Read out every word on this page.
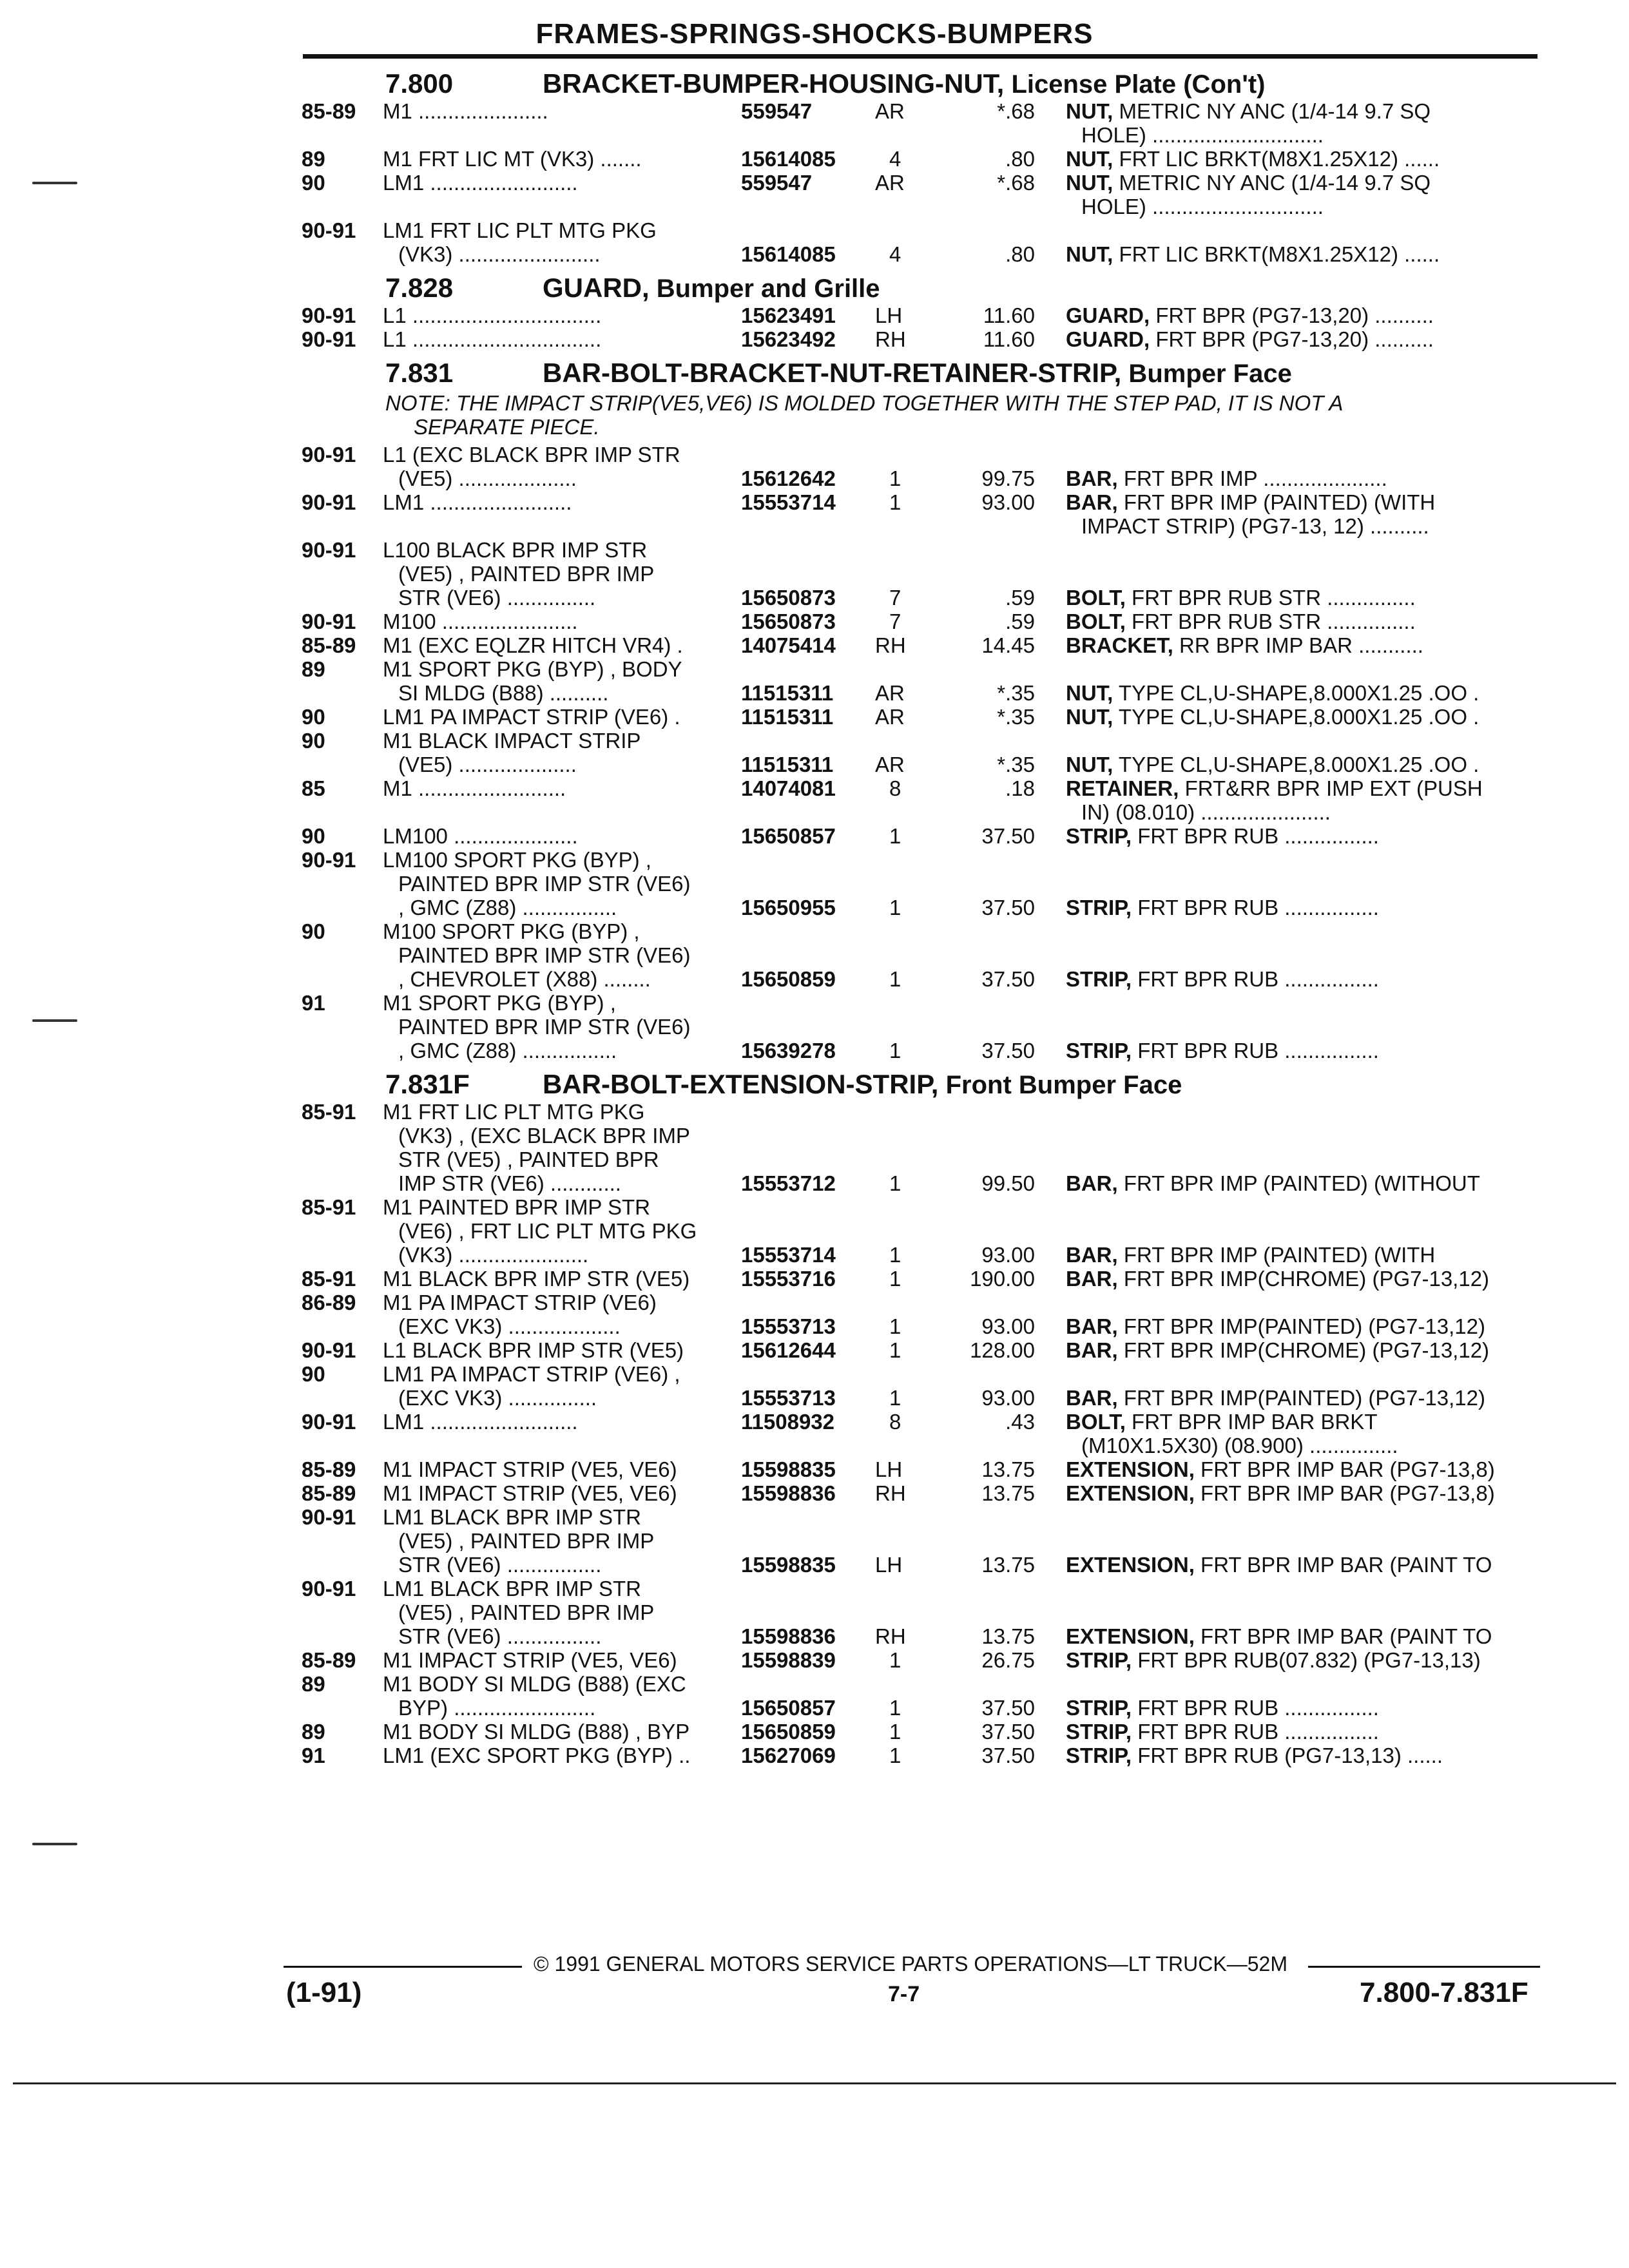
FRAMES-SPRINGS-SHOCKS-BUMPERS
7.800	BRACKET-BUMPER-HOUSING-NUT, License Plate (Con't)
85-89 M1 ......................	559547	AR	*.68 NUT, METRIC NY ANC (1/4-14 9.7 SQ
HOLE) .............................
89	M1 FRT LIC MT (VK3) .......	15614085	4	.80 NUT, FRT LIC BRKT(M8X1.25X12) ......
90	LM1 .........................	559547	AR	*.68 NUT, METRIC NY ANC (1/4-14 9.7 SQ
HOLE) .............................
90-91 LM1 FRT LIC PLT MTG PKG
(VK3) ........................	15614085	4	.80 NUT, FRT LIC BRKT(M8X1.25X12) ......
7.828	GUARD, Bumper and Grille
90-91 L1 ................................	15623491 LH	11.60 GUARD, FRT BPR (PG7-13,20) ..........
90-91 L1 ................................	15623492 RH	11.60 GUARD, FRT BPR (PG7-13,20) ..........
7.831	BAR-BOLT-BRACKET-NUT-RETAINER-STRIP, Bumper Face
NOTE: THE IMPACT STRIP(VE5,VE6) IS MOLDED TOGETHER WITH THE STEP PAD, IT IS NOT A
SEPARATE PIECE.
90-91 L1 (EXC BLACK BPR IMP STR
(VE5) ....................	15612642	1	99.75 BAR, FRT BPR IMP .....................
90-91 LM1 ........................	15553714	1	93.00 BAR, FRT BPR IMP (PAINTED) (WITH
IMPACT STRIP) (PG7-13, 12) ..........
90-91 L100 BLACK BPR IMP STR
(VE5) , PAINTED BPR IMP
STR (VE6) ...............	15650873	7	.59 BOLT, FRT BPR RUB STR ...............
90-91 M100 .......................	15650873	7	.59 BOLT, FRT BPR RUB STR ...............
85-89 M1 (EXC EQLZR HITCH VR4) .	14075414 RH	14.45 BRACKET, RR BPR IMP BAR ...........
89	M1 SPORT PKG (BYP) , BODY
SI MLDG (B88) ..........	11515311 AR	*.35 NUT, TYPE CL,U-SHAPE,8.000X1.25 .OO .
90	LM1 PA IMPACT STRIP (VE6) .	11515311 AR	*.35 NUT, TYPE CL,U-SHAPE,8.000X1.25 .OO .
90	M1 BLACK IMPACT STRIP
(VE5) ....................	11515311 AR	*.35 NUT, TYPE CL,U-SHAPE,8.000X1.25 .OO .
85	M1 .........................	14074081	8	.18 RETAINER, FRT&RR BPR IMP EXT (PUSH
IN) (08.010) ......................
90	LM100 .....................	15650857	1	37.50 STRIP, FRT BPR RUB ................
90-91 LM100 SPORT PKG (BYP) ,
PAINTED BPR IMP STR (VE6)
, GMC (Z88) ................	15650955	1	37.50 STRIP, FRT BPR RUB ................
90	M100 SPORT PKG (BYP) ,
PAINTED BPR IMP STR (VE6)
, CHEVROLET (X88) ........	15650859	1	37.50 STRIP, FRT BPR RUB ................
91	M1 SPORT PKG (BYP) ,
PAINTED BPR IMP STR (VE6)
, GMC (Z88) ................	15639278	1	37.50 STRIP, FRT BPR RUB ................
7.831F	BAR-BOLT-EXTENSION-STRIP, Front Bumper Face
85-91 M1 FRT LIC PLT MTG PKG
(VK3) , (EXC BLACK BPR IMP
STR (VE5) , PAINTED BPR
IMP STR (VE6) ............	15553712	1	99.50 BAR, FRT BPR IMP (PAINTED) (WITHOUT
85-91 M1 PAINTED BPR IMP STR
(VE6) , FRT LIC PLT MTG PKG
(VK3) ......................	15553714	1	93.00 BAR, FRT BPR IMP (PAINTED) (WITH
85-91 M1 BLACK BPR IMP STR (VE5)	15553716	1	190.00 BAR, FRT BPR IMP(CHROME) (PG7-13,12)
86-89 M1 PA IMPACT STRIP (VE6)
(EXC VK3) ...................	15553713	1	93.00 BAR, FRT BPR IMP(PAINTED) (PG7-13,12)
90-91 L1 BLACK BPR IMP STR (VE5)	15612644	1	128.00 BAR, FRT BPR IMP(CHROME) (PG7-13,12)
90	LM1 PA IMPACT STRIP (VE6) ,
(EXC VK3) ...............	15553713	1	93.00 BAR, FRT BPR IMP(PAINTED) (PG7-13,12)
90-91 LM1 .........................	11508932	8	.43 BOLT, FRT BPR IMP BAR BRKT
(M10X1.5X30) (08.900) ...............
85-89 M1 IMPACT STRIP (VE5, VE6)	15598835 LH	13.75 EXTENSION, FRT BPR IMP BAR (PG7-13,8)
85-89 M1 IMPACT STRIP (VE5, VE6)	15598836 RH	13.75 EXTENSION, FRT BPR IMP BAR (PG7-13,8)
90-91 LM1 BLACK BPR IMP STR
(VE5) , PAINTED BPR IMP
STR (VE6) ................	15598835 LH	13.75 EXTENSION, FRT BPR IMP BAR (PAINT TO
90-91 LM1 BLACK BPR IMP STR
(VE5) , PAINTED BPR IMP
STR (VE6) ................	15598836 RH	13.75 EXTENSION, FRT BPR IMP BAR (PAINT TO
85-89 M1 IMPACT STRIP (VE5, VE6)	15598839	1	26.75 STRIP, FRT BPR RUB(07.832) (PG7-13,13)
89	M1 BODY SI MLDG (B88) (EXC
BYP) ........................	15650857	1	37.50 STRIP, FRT BPR RUB ................
89	M1 BODY SI MLDG (B88) , BYP	15650859	1	37.50 STRIP, FRT BPR RUB ................
91	LM1 (EXC SPORT PKG (BYP) ..	15627069	1	37.50 STRIP, FRT BPR RUB (PG7-13,13) ......
© 1991 GENERAL MOTORS SERVICE PARTS OPERATIONS—LT TRUCK—52M
(1-91)	7-7	7.800-7.831F
